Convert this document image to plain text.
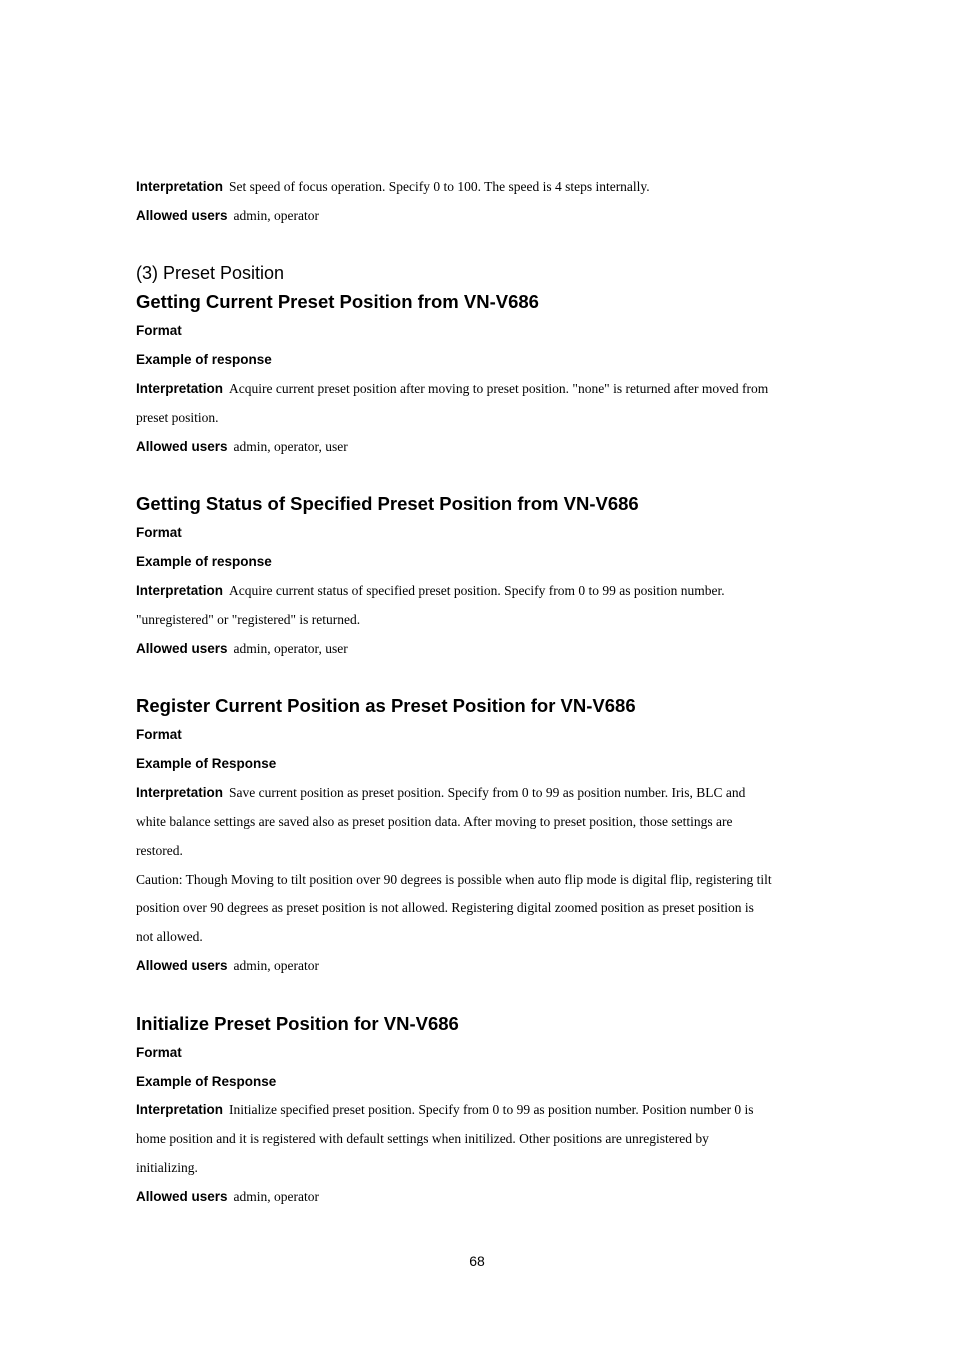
Interpretation Set speed of focus operation. Specify 0 to 100. The speed is 4 steps internally.
Allowed users admin, operator
(3) Preset Position
Getting Current Preset Position from VN-V686
Format
Example of response
Interpretation Acquire current preset position after moving to preset position. "none" is returned after moved from
preset position.
Allowed users admin, operator, user
Getting Status of Specified Preset Position from VN-V686
Format
Example of response
Interpretation Acquire current status of specified preset position. Specify from 0 to 99 as position number.
"unregistered" or "registered" is returned.
Allowed users admin, operator, user
Register Current Position as Preset Position for VN-V686
Format
Example of Response
Interpretation Save current position as preset position. Specify from 0 to 99 as position number. Iris, BLC and
white balance settings are saved also as preset position data. After moving to preset position, those settings are
restored.
Caution: Though Moving to tilt position over 90 degrees is possible when auto flip mode is digital flip, registering tilt
position over 90 degrees as preset position is not allowed. Registering digital zoomed position as preset position is
not allowed.
Allowed users admin, operator
Initialize Preset Position for VN-V686
Format
Example of Response
Interpretation Initialize specified preset position. Specify from 0 to 99 as position number. Position number 0 is
home position and it is registered with default settings when initilized. Other positions are unregistered by
initializing.
Allowed users admin, operator
68
